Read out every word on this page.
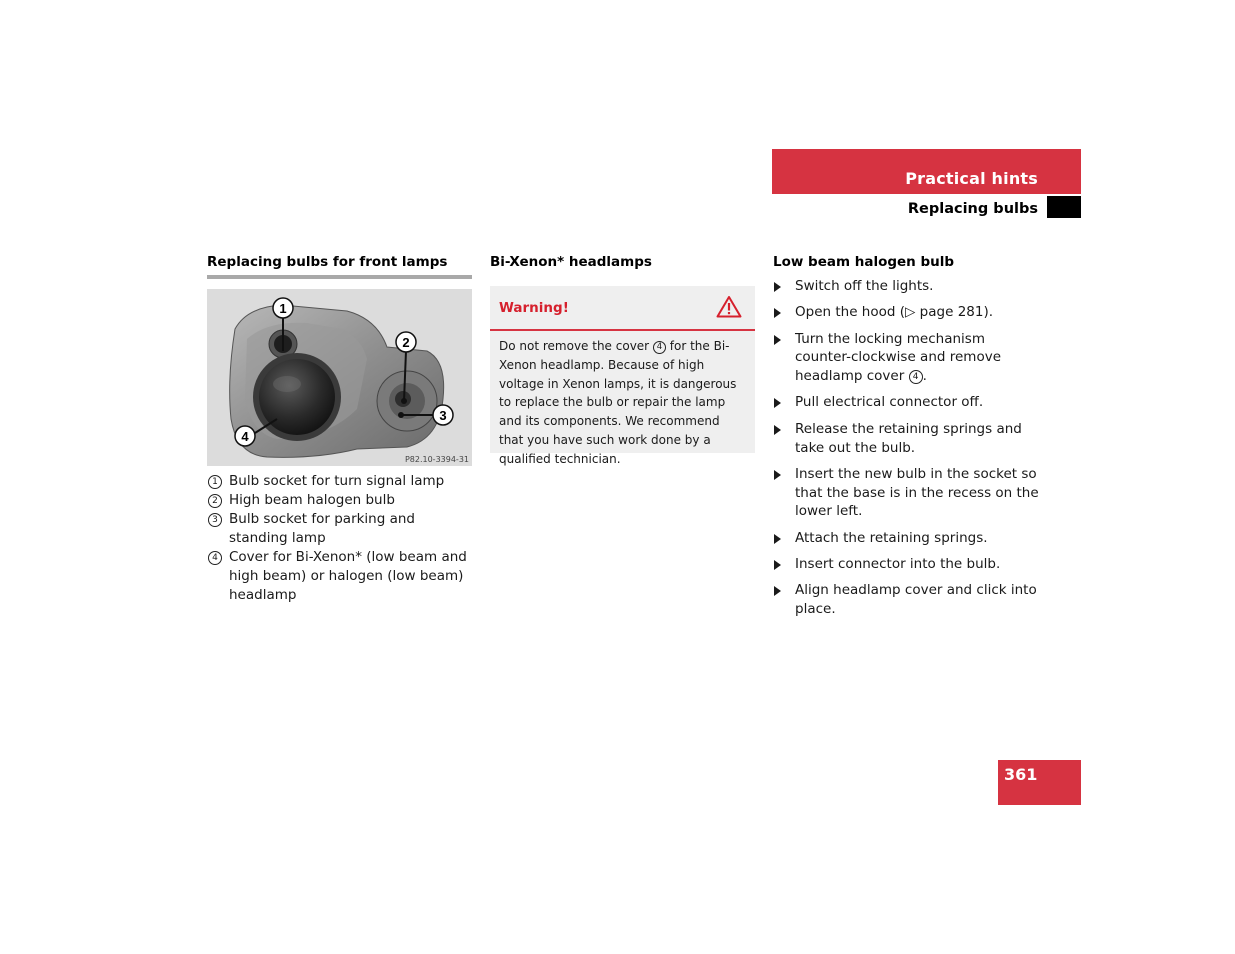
Practical hints
Replacing bulbs
Replacing bulbs for front lamps
1
2
3
4
P82.10-3394-31
1 Bulb socket for turn signal lamp
2 High beam halogen bulb
3 Bulb socket for parking and standing lamp
4 Cover for Bi-Xenon* (low beam and high beam) or halogen (low beam) headlamp
Bi-Xenon* headlamps
Warning!
Do not remove the cover 4 for the Bi-Xenon headlamp. Because of high voltage in Xenon lamps, it is dangerous to replace the bulb or repair the lamp and its components. We recommend that you have such work done by a qualified technician.
Low beam halogen bulb
Switch off the lights.
Open the hood (▷ page 281).
Turn the locking mechanism counter-clockwise and remove headlamp cover 4 .
Pull electrical connector off.
Release the retaining springs and take out the bulb.
Insert the new bulb in the socket so that the base is in the recess on the lower left.
Attach the retaining springs.
Insert connector into the bulb.
Align headlamp cover and click into place.
361
